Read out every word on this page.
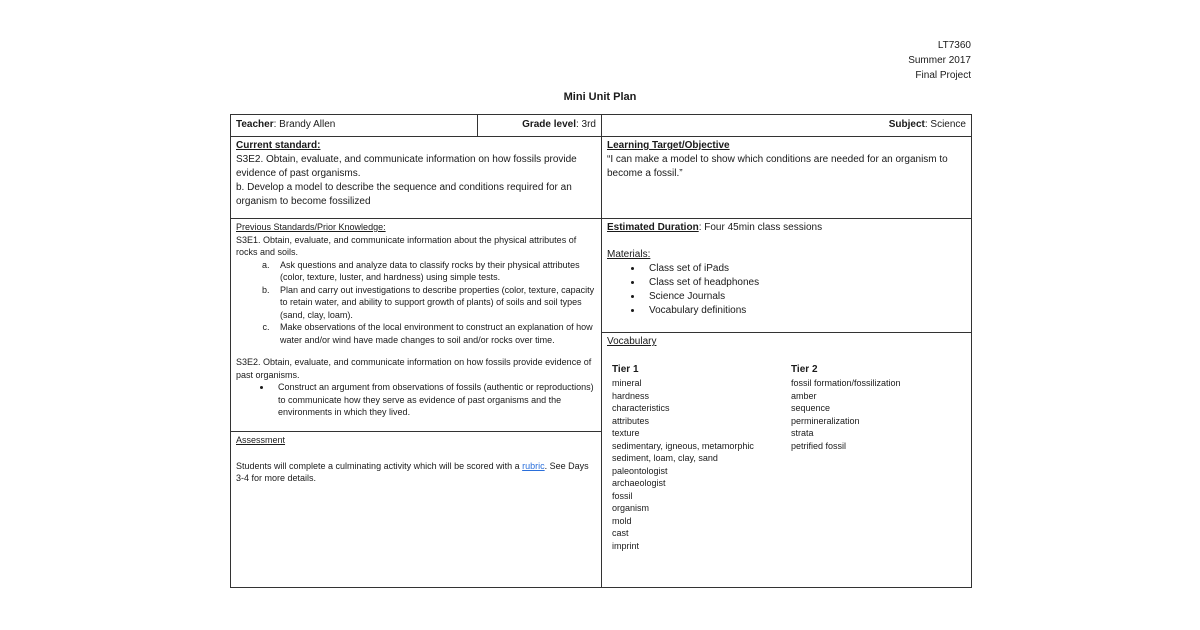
LT7360
Summer 2017
Final Project
Mini Unit Plan
Teacher: Brandy Allen	Grade level: 3rd	Subject: Science
Current standard:
S3E2. Obtain, evaluate, and communicate information on how fossils provide
evidence of past organisms.
b. Develop a model to describe the sequence and conditions required for an
organism to become fossilized
Learning Target/Objective
“I can make a model to show which conditions are needed for an organism to become a fossil.”
Previous Standards/Prior Knowledge:
S3E1. Obtain, evaluate, and communicate information about the physical attributes of rocks and soils.
a. Ask questions and analyze data to classify rocks by their physical attributes (color, texture, luster, and hardness) using simple tests.
b. Plan and carry out investigations to describe properties (color, texture, capacity to retain water, and ability to support growth of plants) of soils and soil types (sand, clay, loam).
c. Make observations of the local environment to construct an explanation of how water and/or wind have made changes to soil and/or rocks over time.
S3E2. Obtain, evaluate, and communicate information on how fossils provide evidence of past organisms.
• Construct an argument from observations of fossils (authentic or reproductions) to communicate how they serve as evidence of past organisms and the environments in which they lived.
Assessment
Students will complete a culminating activity which will be scored with a rubric. See Days 3-4 for more details.
Estimated Duration: Four 45min class sessions
Materials:
• Class set of iPads
• Class set of headphones
• Science Journals
• Vocabulary definitions
Vocabulary
Tier 1
mineral
hardness
characteristics
attributes
texture
sedimentary, igneous, metamorphic
sediment, loam, clay, sand
paleontologist
archaeologist
fossil
organism
mold
cast
imprint
Tier 2
fossil formation/fossilization
amber
sequence
permineralization
strata
petrified fossil
